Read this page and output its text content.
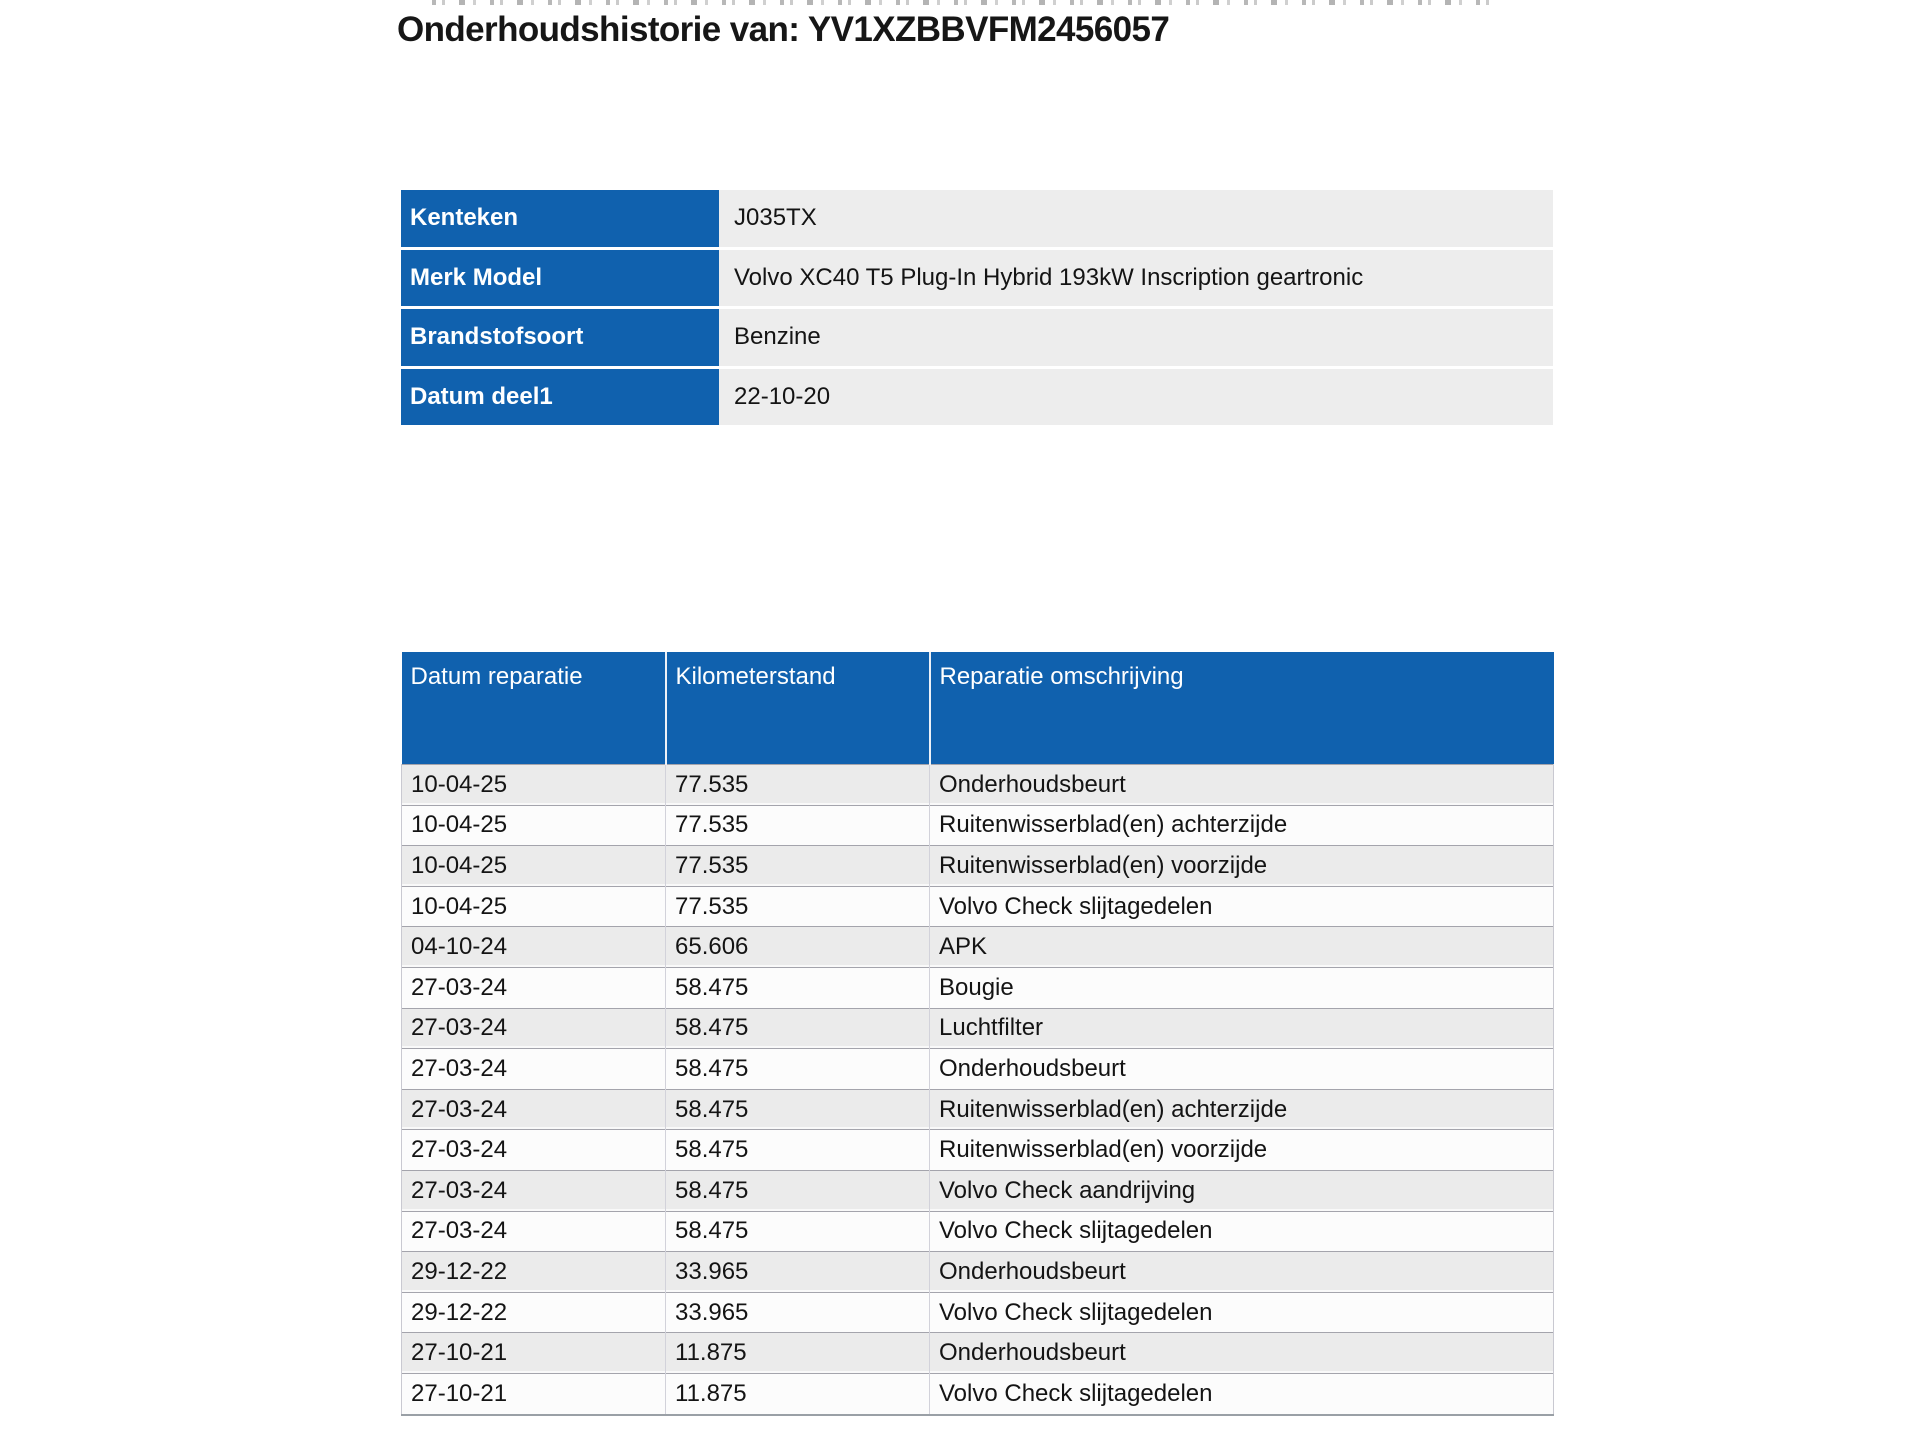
Onderhoudshistorie van: YV1XZBBVFM2456057
Kenteken	J035TX
Merk Model	Volvo XC40 T5 Plug-In Hybrid 193kW Inscription geartronic
Brandstofsoort	Benzine
Datum deel1	22-10-20
Datum reparatie	Kilometerstand	Reparatie omschrijving
10-04-25	77.535	Onderhoudsbeurt
10-04-25	77.535	Ruitenwisserblad(en) achterzijde
10-04-25	77.535	Ruitenwisserblad(en) voorzijde
10-04-25	77.535	Volvo Check slijtagedelen
04-10-24	65.606	APK
27-03-24	58.475	Bougie
27-03-24	58.475	Luchtfilter
27-03-24	58.475	Onderhoudsbeurt
27-03-24	58.475	Ruitenwisserblad(en) achterzijde
27-03-24	58.475	Ruitenwisserblad(en) voorzijde
27-03-24	58.475	Volvo Check aandrijving
27-03-24	58.475	Volvo Check slijtagedelen
29-12-22	33.965	Onderhoudsbeurt
29-12-22	33.965	Volvo Check slijtagedelen
27-10-21	11.875	Onderhoudsbeurt
27-10-21	11.875	Volvo Check slijtagedelen
